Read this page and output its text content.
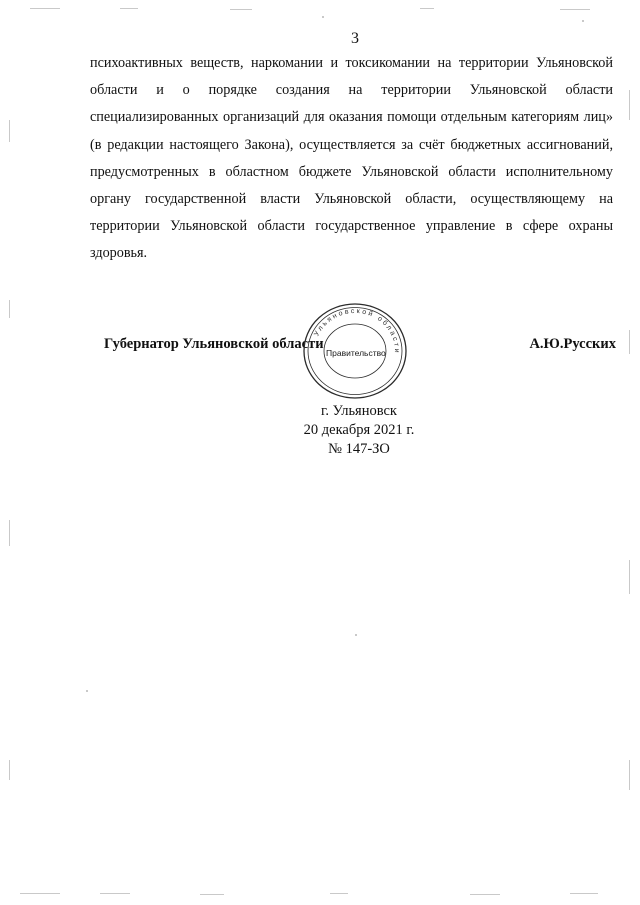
3
психоактивных веществ, наркомании и токсикомании на территории Ульяновской области и о порядке создания на территории Ульяновской области специализированных организаций для оказания помощи отдельным категориям лиц» (в редакции настоящего Закона), осуществляется за счёт бюджетных ассигнований, предусмотренных в областном бюджете Ульяновской области исполнительному органу государственной власти Ульяновской области, осуществляющему на территории Ульяновской области государственное управление в сфере охраны здоровья.
Губернатор Ульяновской области	А.Ю.Русских
Ульяновской области
Правительство
г. Ульяновск
20 декабря 2021 г.
№ 147-ЗО
